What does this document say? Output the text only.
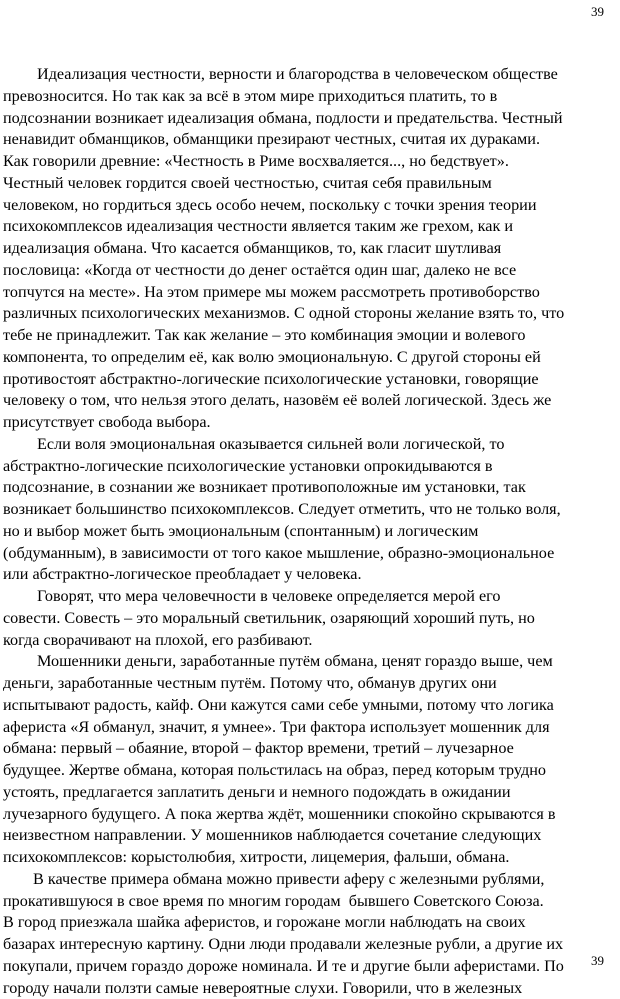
39
Идеализация честности, верности и благородства в человеческом обществе
превозносится. Но так как за всё в этом мире приходиться платить, то в
подсознании возникает идеализация обмана, подлости и предательства. Честный
ненавидит обманщиков, обманщики презирают честных, считая их дураками.
Как говорили древние: «Честность в Риме восхваляется..., но бедствует».
Честный человек гордится своей честностью, считая себя правильным
человеком, но гордиться здесь особо нечем, поскольку с точки зрения теории
психокомплексов идеализация честности является таким же грехом, как и
идеализация обмана. Что касается обманщиков, то, как гласит шутливая
пословица: «Когда от честности до денег остаётся один шаг, далеко не все
топчутся на месте». На этом примере мы можем рассмотреть противоборство
различных психологических механизмов. С одной стороны желание взять то, что
тебе не принадлежит. Так как желание – это комбинация эмоции и волевого
компонента, то определим её, как волю эмоциональную. С другой стороны ей
противостоят абстрактно-логические психологические установки, говорящие
человеку о том, что нельзя этого делать, назовём её волей логической. Здесь же
присутствует свобода выбора.
Если воля эмоциональная оказывается сильней воли логической, то
абстрактно-логические психологические установки опрокидываются в
подсознание, в сознании же возникает противоположные им установки, так
возникает большинство психокомплексов. Следует отметить, что не только воля,
но и выбор может быть эмоциональным (спонтанным) и логическим
(обдуманным), в зависимости от того какое мышление, образно-эмоциональное
или абстрактно-логическое преобладает у человека.
Говорят, что мера человечности в человеке определяется мерой его
совести. Совесть – это моральный светильник, озаряющий хороший путь, но
когда сворачивают на плохой, его разбивают.
Мошенники деньги, заработанные путём обмана, ценят гораздо выше, чем
деньги, заработанные честным путём. Потому что, обманув других они
испытывают радость, кайф. Они кажутся сами себе умными, потому что логика
афериста «Я обманул, значит, я умнее». Три фактора использует мошенник для
обмана: первый – обаяние, второй – фактор времени, третий – лучезарное
будущее. Жертве обмана, которая польстилась на образ, перед которым трудно
устоять, предлагается заплатить деньги и немного подождать в ожидании
лучезарного будущего. А пока жертва ждёт, мошенники спокойно скрываются в
неизвестном направлении. У мошенников наблюдается сочетание следующих
психокомплексов: корыстолюбия, хитрости, лицемерия, фальши, обмана.
В качестве примера обмана можно привести аферу с железными рублями,
прокатившуюся в свое время по многим городам  бывшего Советского Союза.
В город приезжала шайка аферистов, и горожане могли наблюдать на своих
базарах интересную картину. Одни люди продавали железные рубли, а другие их
покупали, причем гораздо дороже номинала. И те и другие были аферистами. По
городу начали ползти самые невероятные слухи. Говорили, что в железных
39
